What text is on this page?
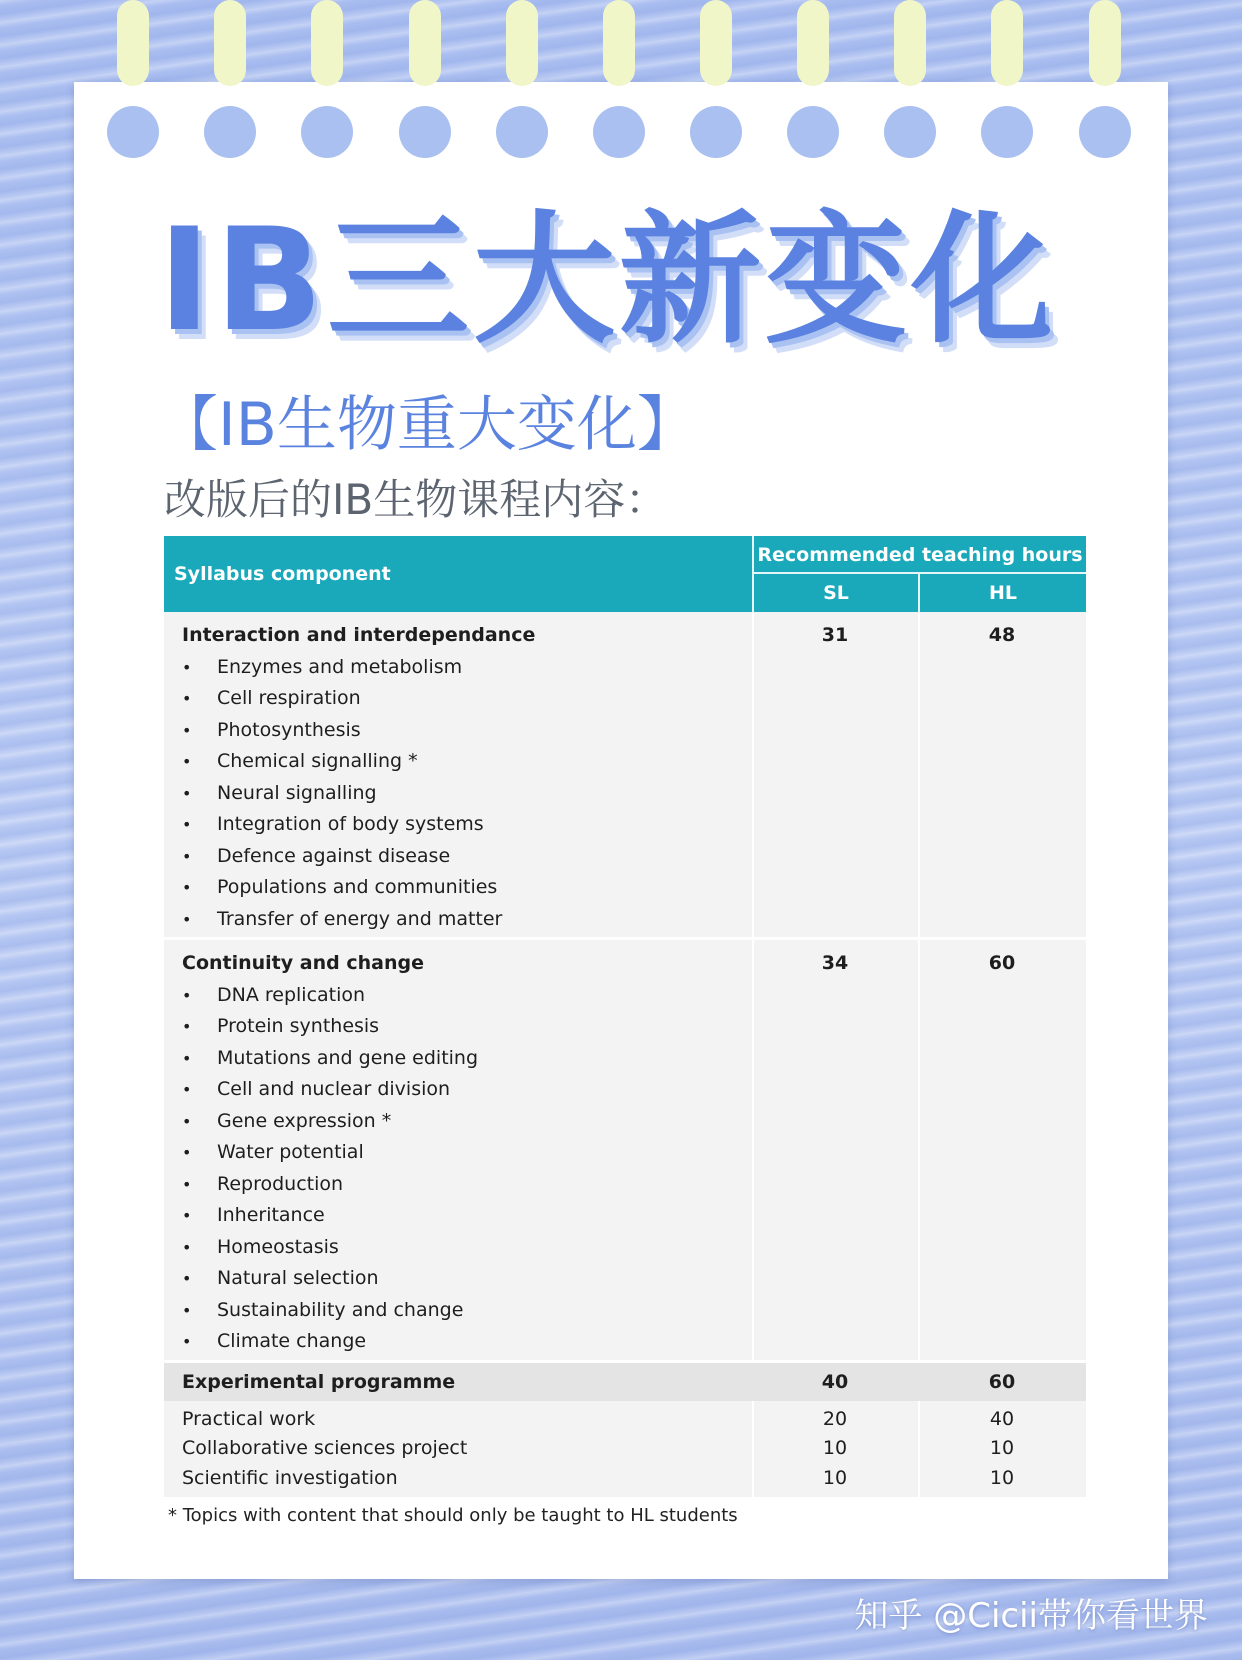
IB三大新变化
【IB生物重大变化】
改版后的IB生物课程内容：
Syllabus component
Recommended teaching hours
SL	HL
Interaction and interdependance	31	48
• Enzymes and metabolism
• Cell respiration
• Photosynthesis
• Chemical signalling *
• Neural signalling
• Integration of body systems
• Defence against disease
• Populations and communities
• Transfer of energy and matter
Continuity and change	34	60
• DNA replication
• Protein synthesis
• Mutations and gene editing
• Cell and nuclear division
• Gene expression *
• Water potential
• Reproduction
• Inheritance
• Homeostasis
• Natural selection
• Sustainability and change
• Climate change
Experimental programme	40	60
Practical work	20	40
Collaborative sciences project	10	10
Scientific investigation	10	10
* Topics with content that should only be taught to HL students
知乎 @Cicii带你看世界
